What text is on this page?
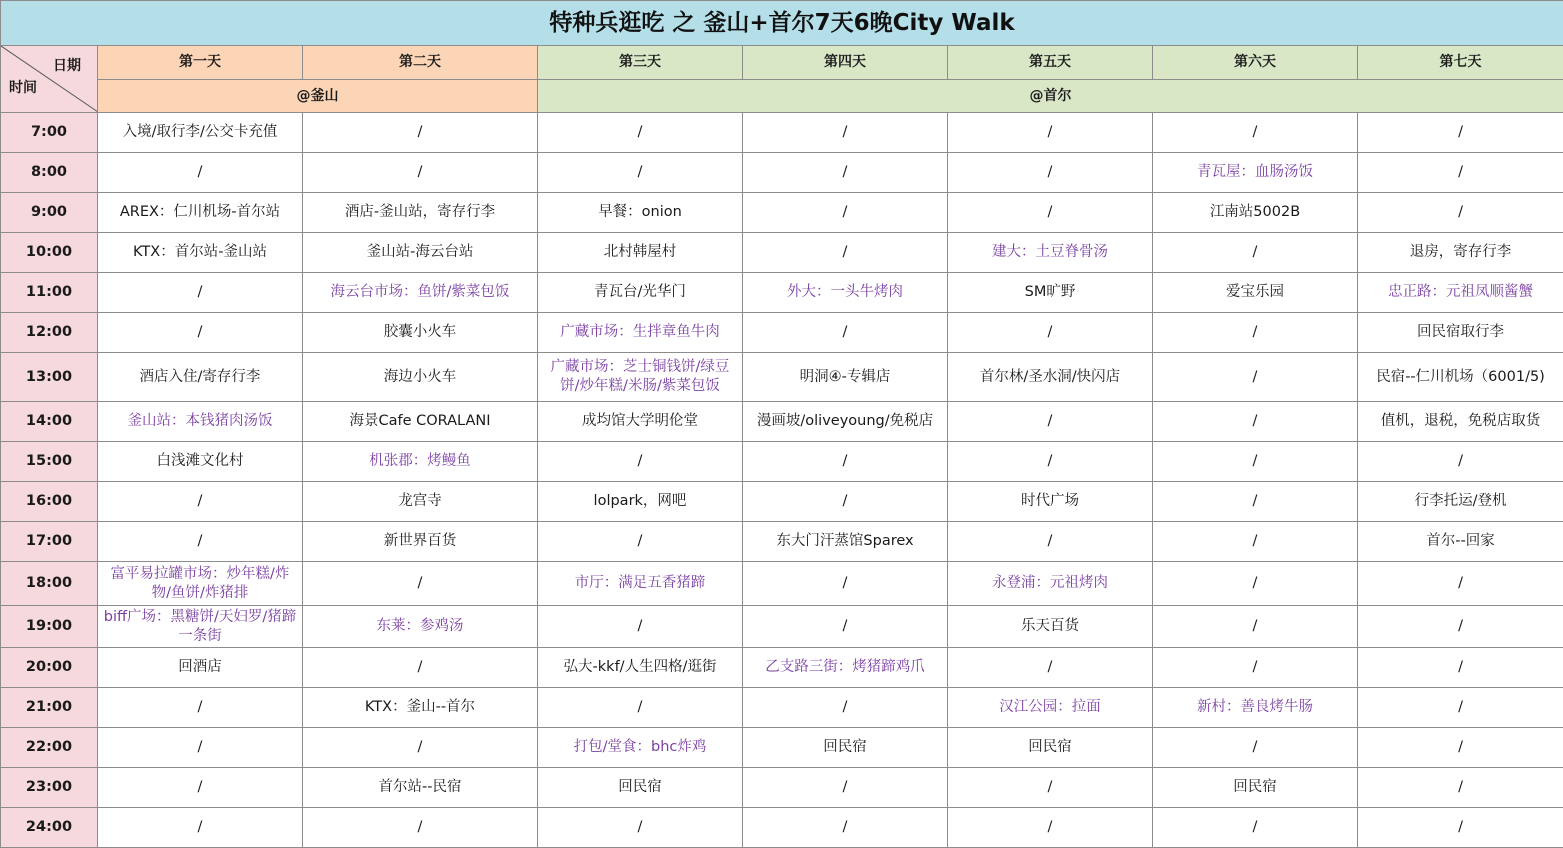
特种兵逛吃 之 釜山+首尔7天6晚City Walk							

日期
时间	第一天	第二天	第三天	第四天	第五天	第六天	第七天
	@釜山		@首尔				
7:00	入境/取行李/公交卡充值	/	/	/	/	/	/
8:00	/	/	/	/	/	青瓦屋：血肠汤饭	/
9:00	AREX：仁川机场-首尔站	酒店-釜山站，寄存行李	早餐：onion	/	/	江南站5002B	/
10:00	KTX：首尔站-釜山站	釜山站-海云台站	北村韩屋村	/	建大：土豆脊骨汤	/	退房，寄存行李
11:00	/	海云台市场：鱼饼/紫菜包饭	青瓦台/光华门	外大：一头牛烤肉	SM旷野	爱宝乐园	忠正路：元祖凤顺酱蟹
12:00	/	胶囊小火车	广藏市场：生拌章鱼牛肉	/	/	/	回民宿取行李
13:00	酒店入住/寄存行李	海边小火车	广藏市场：芝士铜钱饼/绿豆饼/炒年糕/米肠/紫菜包饭	明洞④-专辑店	首尔林/圣水洞/快闪店	/	民宿--仁川机场（6001/5)
14:00	釜山站：本钱猪肉汤饭	海景Cafe CORALANI	成均馆大学明伦堂	漫画坡/oliveyoung/免税店	/	/	值机，退税，免税店取货
15:00	白浅滩文化村	机张郡：烤鳗鱼	/	/	/	/	/
16:00	/	龙宫寺	lolpark，网吧	/	时代广场	/	行李托运/登机
17:00	/	新世界百货	/	东大门汗蒸馆Sparex	/	/	首尔--回家
18:00	富平易拉罐市场：炒年糕/炸物/鱼饼/炸猪排	/	市厅：满足五香猪蹄	/	永登浦：元祖烤肉	/	/
19:00	biff广场：黑糖饼/天妇罗/猪蹄一条街	东莱：参鸡汤	/	/	乐天百货	/	/
20:00	回酒店	/	弘大-kkf/人生四格/逛街	乙支路三街：烤猪蹄鸡爪	/	/	/
21:00	/	KTX：釜山--首尔	/	/	汉江公园：拉面	新村：善良烤牛肠	/
22:00	/	/	打包/堂食：bhc炸鸡	回民宿	回民宿	/	/
23:00	/	首尔站--民宿	回民宿	/	/	回民宿	/
24:00	/	/	/	/	/	/	/
